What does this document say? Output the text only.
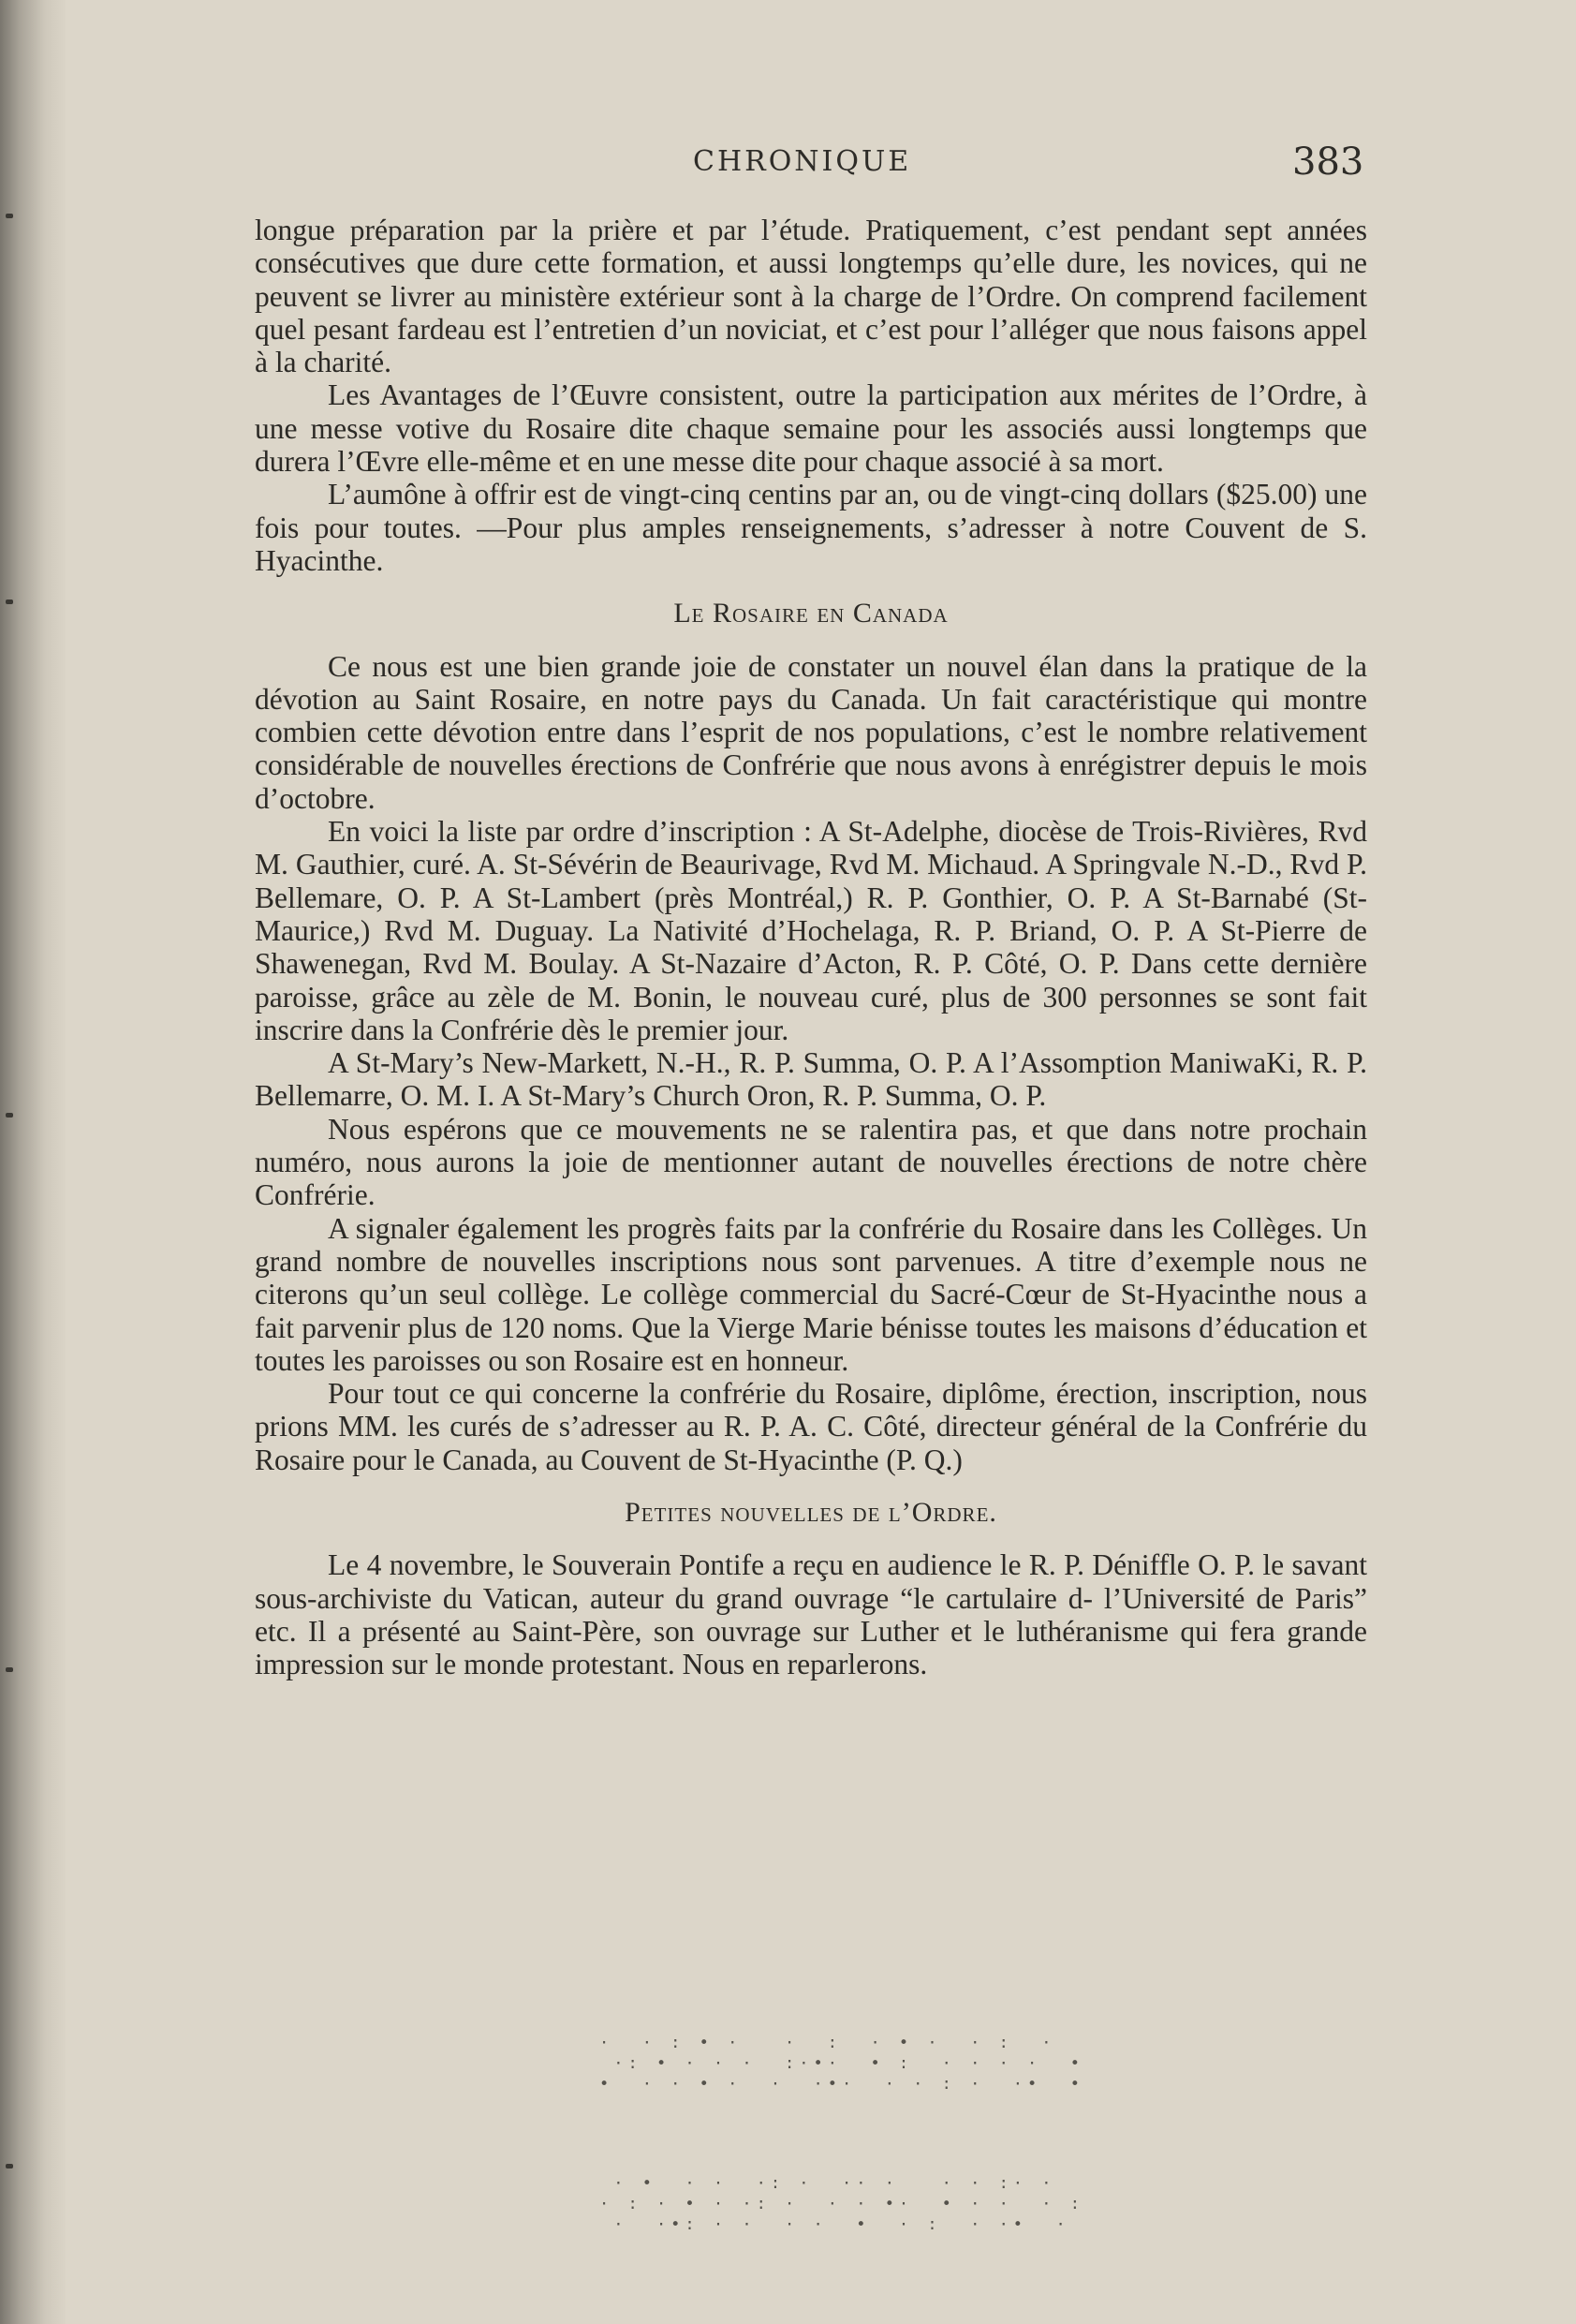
CHRONIQUE	383

longue préparation par la prière et par l’étude. Pratiquement, c’est pendant sept années consécutives que dure cette formation, et aussi longtemps qu’elle dure, les novices, qui ne peuvent se livrer au ministère extérieur sont à la charge de l’Ordre. On comprend facilement quel pesant fardeau est l’entretien d’un noviciat, et c’est pour l’alléger que nous faisons appel à la charité.

Les Avantages de l’Œuvre consistent, outre la participation aux mérites de l’Ordre, à une messe votive du Rosaire dite chaque semaine pour les associés aussi longtemps que durera l’Œvre elle-même et en une messe dite pour chaque associé à sa mort.

L’aumône à offrir est de vingt-cinq centins par an, ou de vingt-cinq dollars ($25.00) une fois pour toutes. —Pour plus amples renseignements, s’adresser à notre Couvent de S. Hyacinthe.

Le Rosaire en Canada

Ce nous est une bien grande joie de constater un nouvel élan dans la pratique de la dévotion au Saint Rosaire, en notre pays du Canada. Un fait caractéristique qui montre combien cette dévotion entre dans l’esprit de nos populations, c’est le nombre relativement considérable de nouvelles érections de Confrérie que nous avons à enrégistrer depuis le mois d’octobre.

En voici la liste par ordre d’inscription : A St-Adelphe, diocèse de Trois-Rivières, Rvd M. Gauthier, curé. A. St-Sévérin de Beaurivage, Rvd M. Michaud. A Springvale N.-D., Rvd P. Bellemare, O. P. A St-Lambert (près Montréal,) R. P. Gonthier, O. P. A St-Barnabé (St-Maurice,) Rvd M. Duguay. La Nativité d’Hochelaga, R. P. Briand, O. P. A St-Pierre de Shawenegan, Rvd M. Boulay. A St-Nazaire d’Acton, R. P. Côté, O. P. Dans cette dernière paroisse, grâce au zèle de M. Bonin, le nouveau curé, plus de 300 personnes se sont fait inscrire dans la Confrérie dès le premier jour.

A St-Mary’s New-Markett, N.-H., R. P. Summa, O. P. A l’Assomption ManiwaKi, R. P. Bellemarre, O. M. I. A St-Mary’s Church Oron, R. P. Summa, O. P.

Nous espérons que ce mouvements ne se ralentira pas, et que dans notre prochain numéro, nous aurons la joie de mentionner autant de nouvelles érections de notre chère Confrérie.

A signaler également les progrès faits par la confrérie du Rosaire dans les Collèges. Un grand nombre de nouvelles inscriptions nous sont parvenues. A titre d’exemple nous ne citerons qu’un seul collège. Le collège commercial du Sacré-Cœur de St-Hyacinthe nous a fait parvenir plus de 120 noms. Que la Vierge Marie bénisse toutes les maisons d’éducation et toutes les paroisses ou son Rosaire est en honneur.

Pour tout ce qui concerne la confrérie du Rosaire, diplôme, érection, inscription, nous prions MM. les curés de s’adresser au R. P. A. C. Côté, directeur général de la Confrérie du Rosaire pour le Canada, au Couvent de St-Hyacinthe (P. Q.)

Petites nouvelles de l’Ordre.

Le 4 novembre, le Souverain Pontife a reçu en audience le R. P. Déniffle O. P. le savant sous-archiviste du Vatican, auteur du grand ouvrage “le cartulaire d- l’Université de Paris” etc. Il a présenté au Saint-Père, son ouvrage sur Luther et le luthéranisme qui fera grande impression sur le monde protestant. Nous en reparlerons.

·  · : • ·   ·  :  · • ·  · :  ·
·: • · · ·  :·•·  • :  · · · ·  •
•  · · • ·  ·  ·•·  · · : ·  ·•  •
· •  · ·  ·: ·  ·· ·   · · :· ·
· : · • · ·: ·  · · •·  • · ·  · :
·  ·•: · ·  · ·  •  · :  · ·•  ·
